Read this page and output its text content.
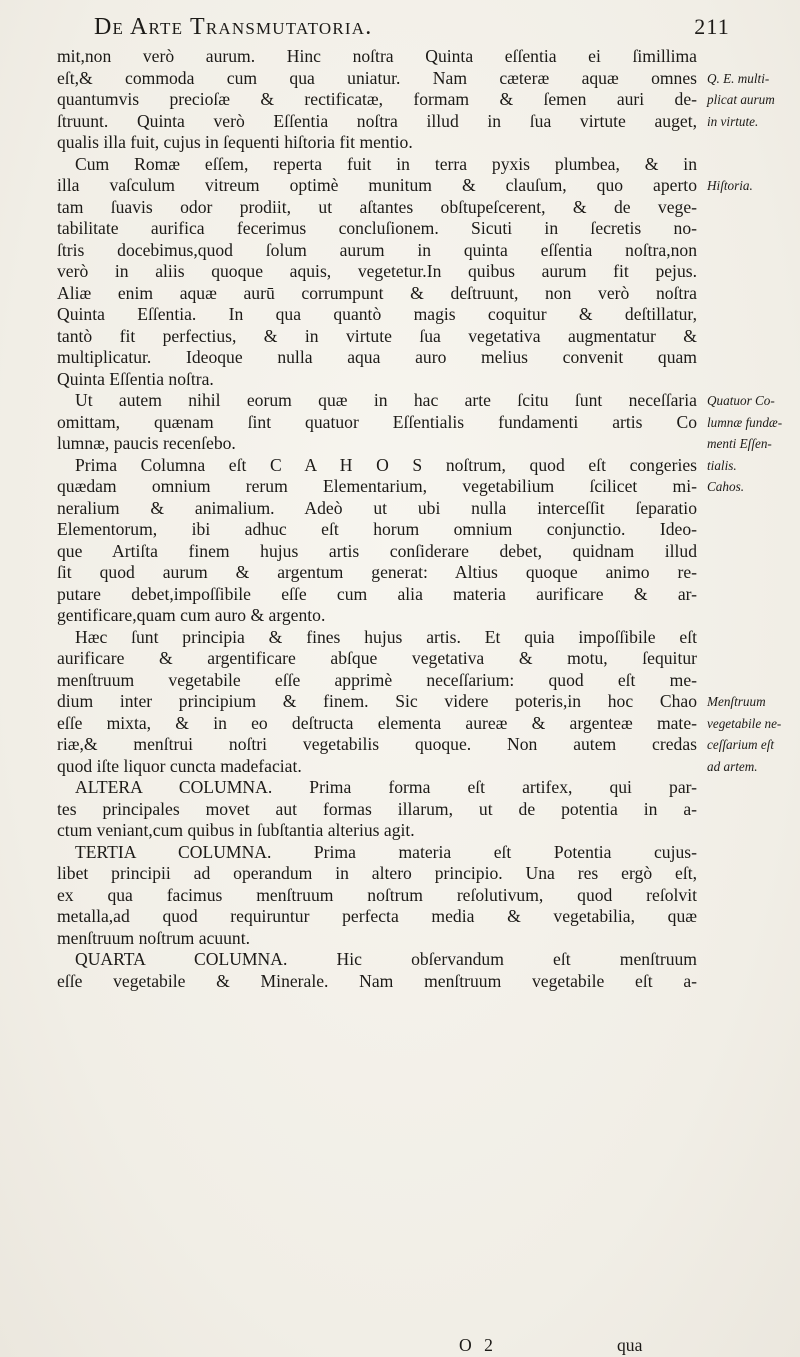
De Arte Transmutatoria.	211
mit,non verò aurum. Hinc noſtra Quinta eſſentia ei ſimillima
eſt,& commoda cum qua uniatur. Nam cæteræ aquæ omnes
quantumvis precioſæ & rectificatæ, formam & ſemen auri de-
ſtruunt. Quinta verò Eſſentia noſtra illud in ſua virtute auget,
qualis illa fuit, cujus in ſequenti hiſtoria fit mentio.
Cum Romæ eſſem, reperta fuit in terra pyxis plumbea, & in
illa vaſculum vitreum optimè munitum & clauſum, quo aperto
tam ſuavis odor prodiit, ut aſtantes obſtupeſcerent, & de vege-
tabilitate aurifica fecerimus concluſionem. Sicuti in ſecretis no-
ſtris docebimus,quod ſolum aurum in quinta eſſentia noſtra,non
verò in aliis quoque aquis, vegetetur.In quibus aurum fit pejus.
Aliæ enim aquæ aurū corrumpunt & deſtruunt, non verò noſtra
Quinta Eſſentia. In qua quantò magis coquitur & deſtillatur,
tantò fit perfectius, & in virtute ſua vegetativa augmentatur &
multiplicatur. Ideoque nulla aqua auro melius convenit quam
Quinta Eſſentia noſtra.
Ut autem nihil eorum quæ in hac arte ſcitu ſunt neceſſaria
omittam, quænam ſint quatuor Eſſentialis fundamenti artis Co
lumnæ, paucis recenſebo.
Prima Columna eſt C A H O S noſtrum, quod eſt congeries
quædam omnium rerum Elementarium, vegetabilium ſcilicet mi-
neralium & animalium. Adeò ut ubi nulla interceſſit ſeparatio
Elementorum, ibi adhuc eſt horum omnium conjunctio. Ideo-
que Artiſta finem hujus artis conſiderare debet, quidnam illud
ſit quod aurum & argentum generat: Altius quoque animo re-
putare debet,impoſſibile eſſe cum alia materia aurificare & ar-
gentificare,quam cum auro & argento.
Hæc ſunt principia & fines hujus artis. Et quia impoſſibile eſt
aurificare & argentificare abſque vegetativa & motu, ſequitur
menſtruum vegetabile eſſe apprimè neceſſarium: quod eſt me-
dium inter principium & finem. Sic videre poteris,in hoc Chao
eſſe mixta, & in eo deſtructa elementa aureæ & argenteæ mate-
riæ,& menſtrui noſtri vegetabilis quoque. Non autem credas
quod iſte liquor cuncta madefaciat.
ALTERA COLUMNA. Prima forma eſt artifex, qui par-
tes principales movet aut formas illarum, ut de potentia in a-
ctum veniant,cum quibus in ſubſtantia alterius agit.
TERTIA COLUMNA. Prima materia eſt Potentia cujus-
libet principii ad operandum in altero principio. Una res ergò eſt,
ex qua facimus menſtruum noſtrum reſolutivum, quod reſolvit
metalla,ad quod requiruntur perfecta media & vegetabilia, quæ
menſtruum noſtrum acuunt.
QUARTA COLUMNA. Hic obſervandum eſt menſtruum
eſſe vegetabile & Minerale. Nam menſtruum vegetabile eſt a-
Q. E. multi-
plicat aurum
in virtute.
Hiſtoria.
Quatuor Co-
lumnæ fundæ-
menti Eſſen-
tialis.
Cahos.
Menſtruum
vegetabile ne-
ceſſarium eſt
ad artem.
O 2	qua
